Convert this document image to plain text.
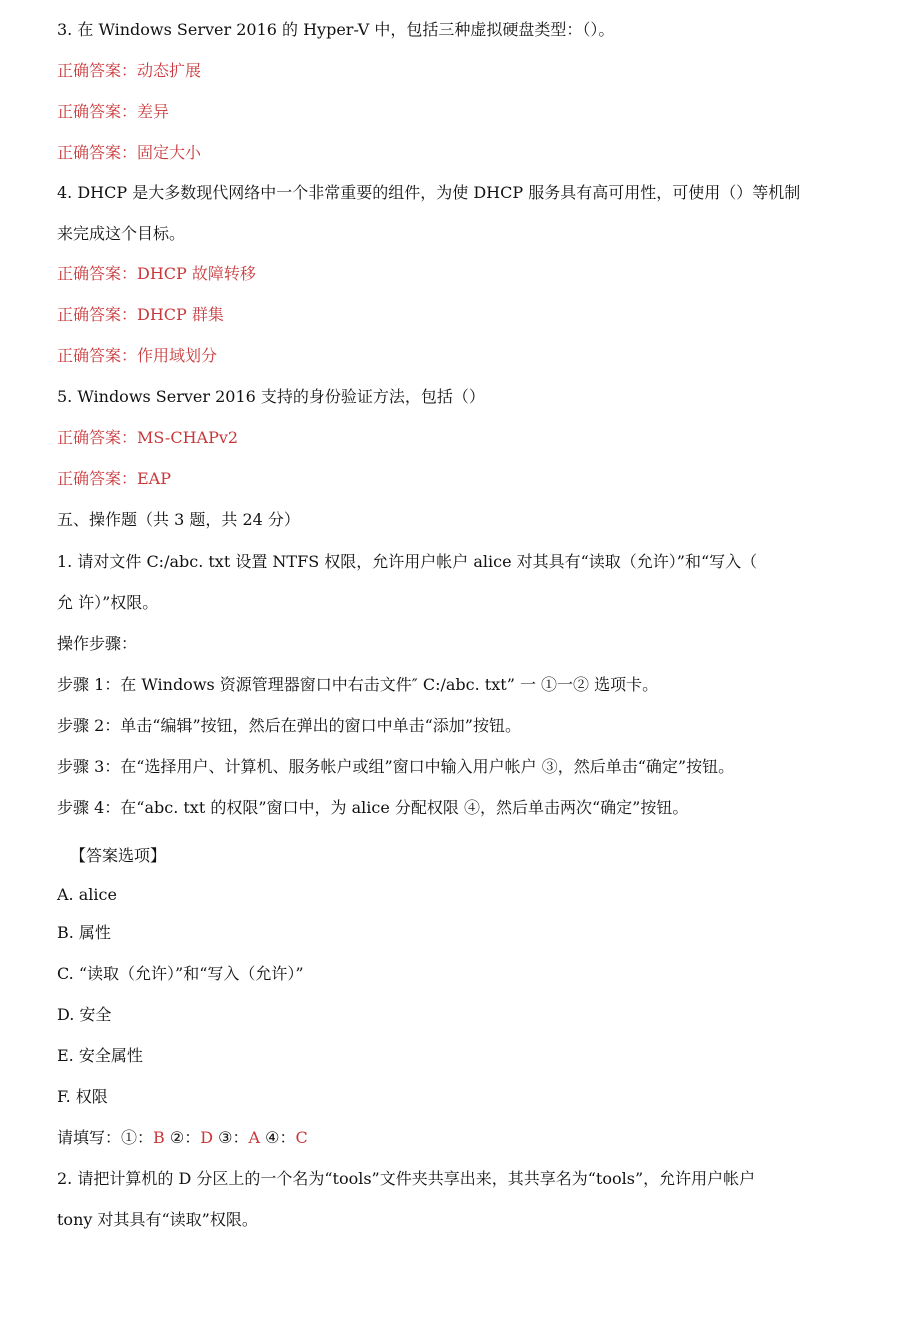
3. 在 Windows Server 2016 的 Hyper-V 中，包括三种虚拟硬盘类型：（）。
正确答案：动态扩展
正确答案：差异
正确答案：固定大小
4. DHCP 是大多数现代网络中一个非常重要的组件，为使 DHCP 服务具有高可用性，可使用（）等机制
来完成这个目标。
正确答案：DHCP 故障转移
正确答案：DHCP 群集
正确答案：作用域划分
5. Windows Server 2016 支持的身份验证方法，包括（）
正确答案：MS-CHAPv2
正确答案：EAP
五、操作题（共 3 题，共 24 分）
1. 请对文件 C:/abc. txt 设置 NTFS 权限，允许用户帐户 alice 对其具有“读取（允许）”和“写入（
允 许）”权限。
操作步骤：
步骤 1：在 Windows 资源管理器窗口中右击文件″ C:/abc. txt” 一 ①一② 选项卡。
步骤 2：单击“编辑”按钮，然后在弹出的窗口中单击“添加”按钮。
步骤 3：在“选择用户、计算机、服务帐户或组”窗口中输入用户帐户 ③，然后单击“确定”按钮。
步骤 4：在“abc. txt 的权限”窗口中，为 alice 分配权限 ④，然后单击两次“确定”按钮。
【答案选项】
A. alice
B. 属性
C. “读取（允许）”和“写入（允许）”
D. 安全
E. 安全属性
F. 权限
请填写：①：B ②：D ③：A ④：C
2. 请把计算机的 D 分区上的一个名为“tools”文件夹共享出来，其共享名为“tools”，允许用户帐户
tony 对其具有“读取”权限。
